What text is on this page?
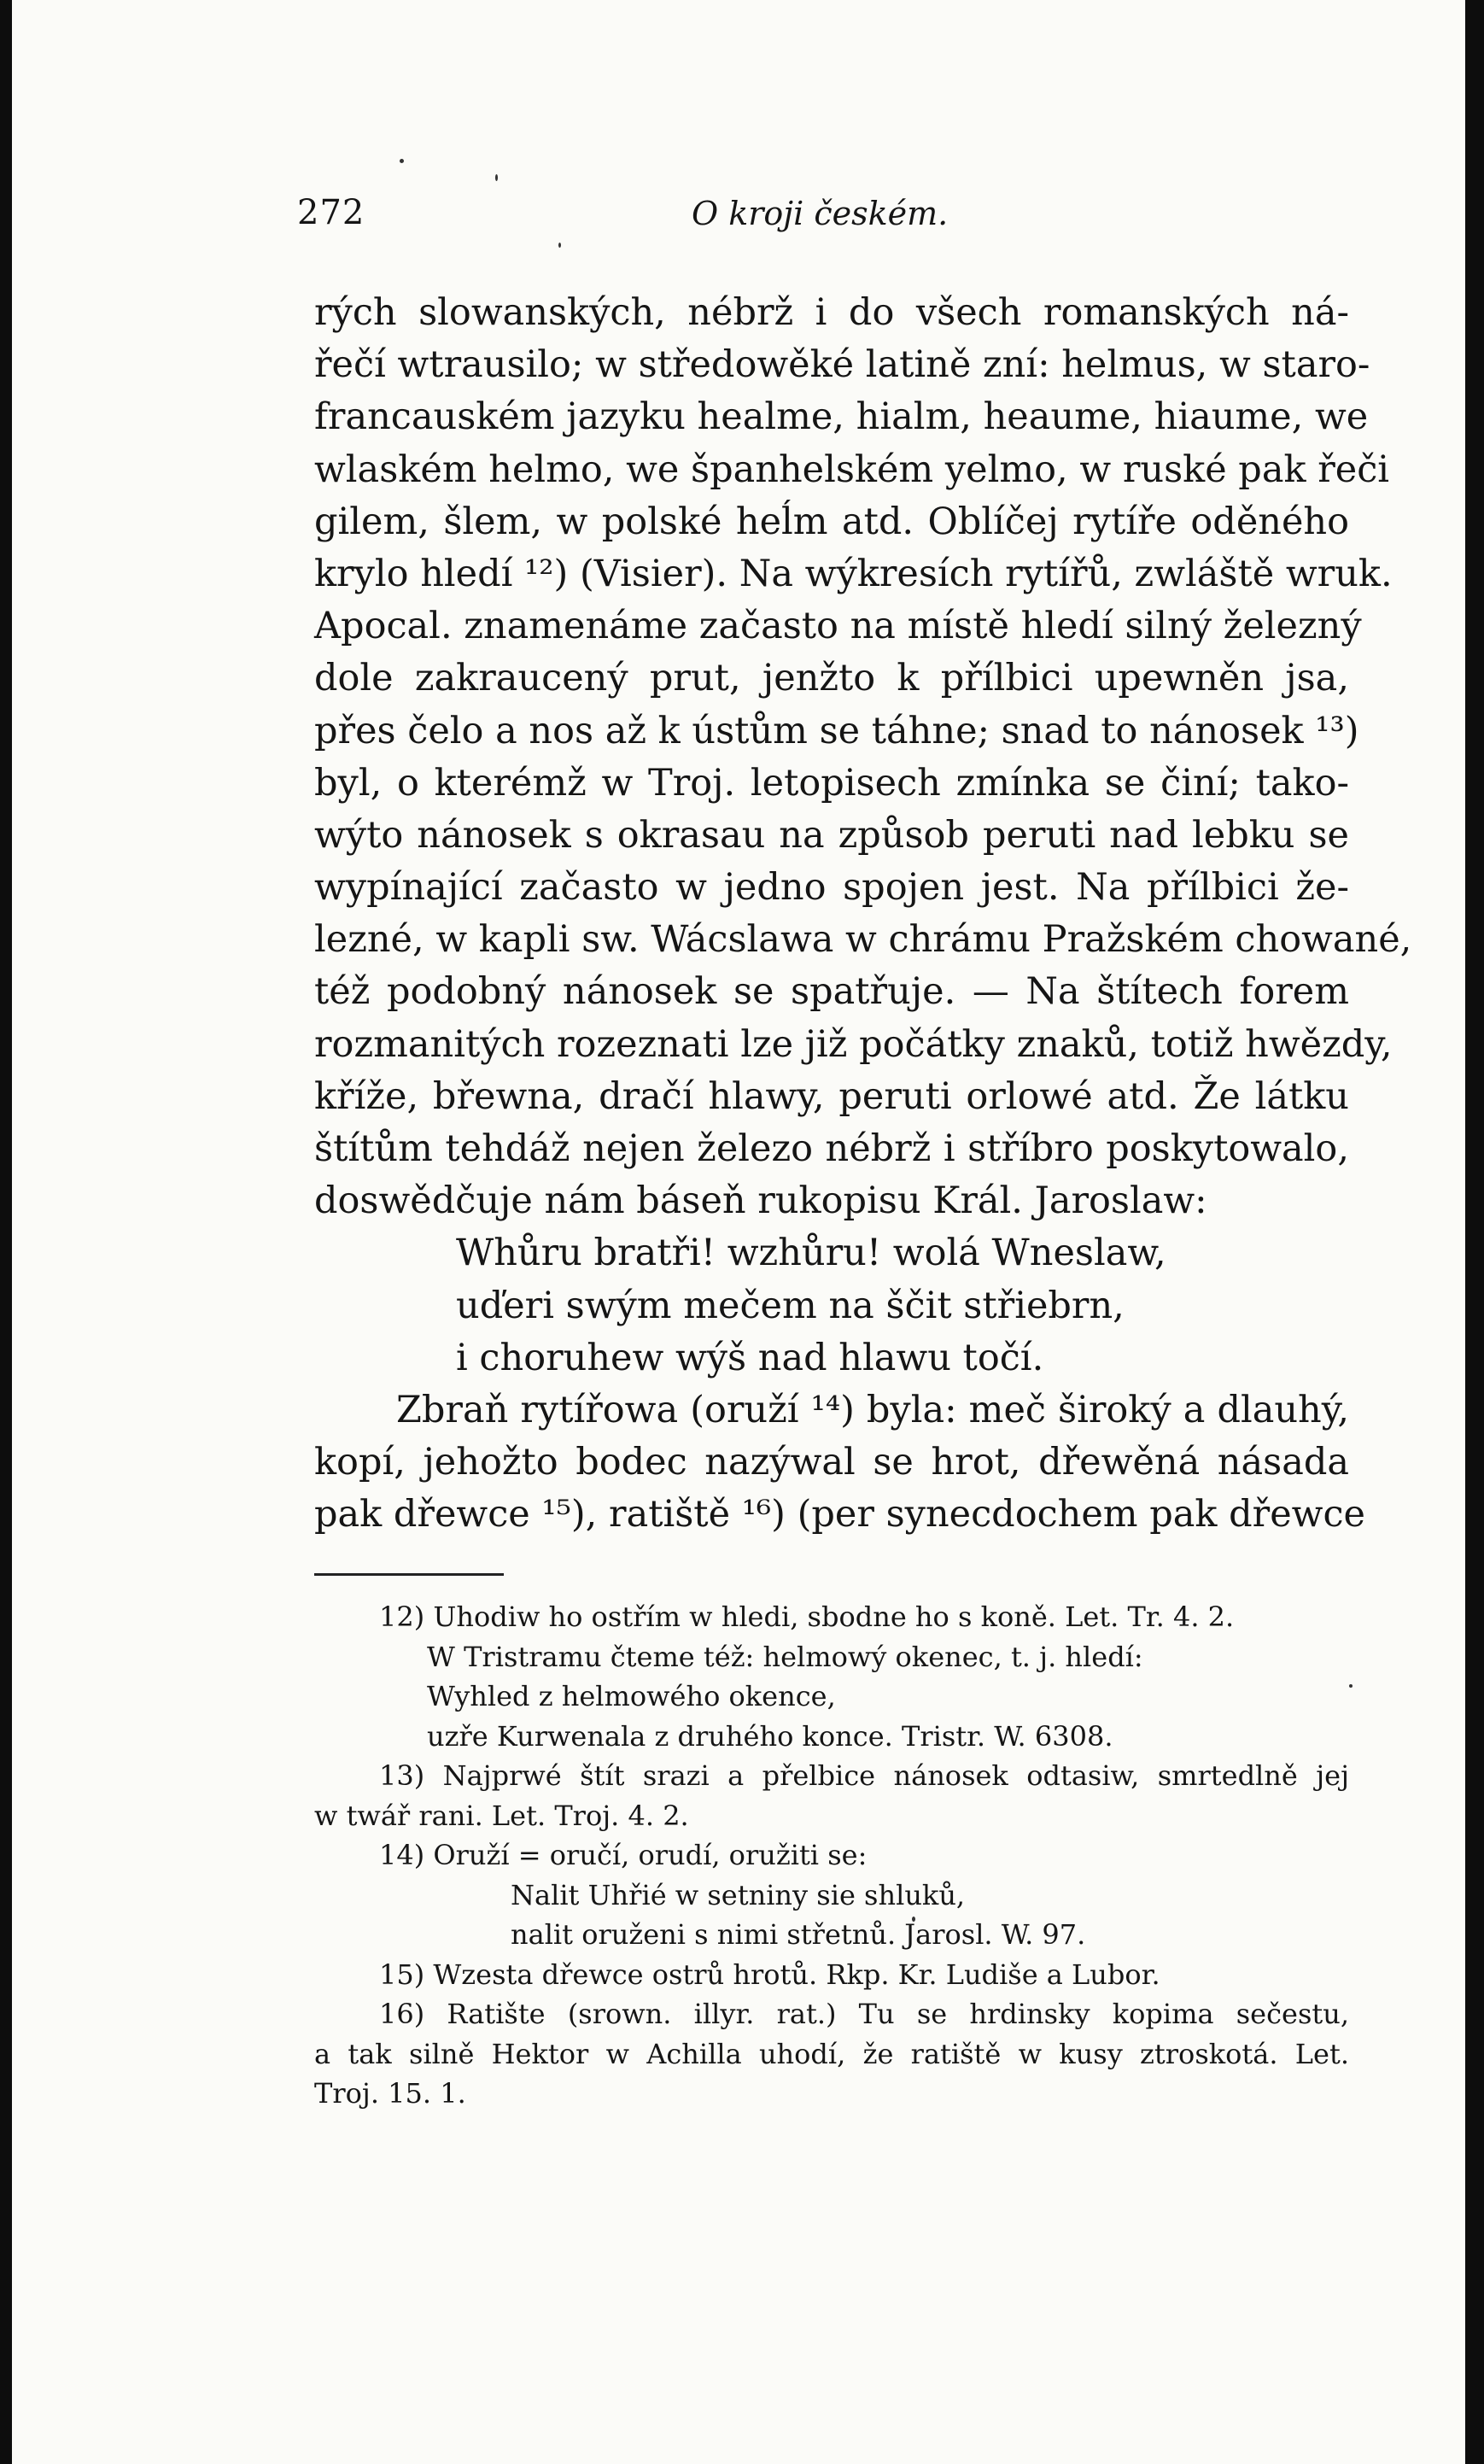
272	O kroji českém.
rých slowanských, nébrž i do všech romanských ná-
řečí wtrausilo; w středowěké latině zní: helmus, w staro-
francauském jazyku healme, hialm, heaume, hiaume, we
wlaském helmo, we španhelském yelmo, w ruské pak řeči
gilem, šlem, w polské heĺm atd. Oblíčej rytíře oděného
krylo hledí ¹²) (Visier). Na wýkresích rytířů, zwláště wruk.
Apocal. znamenáme začasto na místě hledí silný železný
dole zakraucený prut, jenžto k přílbici upewněn jsa,
přes čelo a nos až k ústům se táhne; snad to nánosek ¹³)
byl, o kterémž w Troj. letopisech zmínka se činí; tako-
wýto nánosek s okrasau na způsob peruti nad lebku se
wypínající začasto w jedno spojen jest. Na přílbici že-
lezné, w kapli sw. Wácslawa w chrámu Pražském chowané,
též podobný nánosek se spatřuje. — Na štítech forem
rozmanitých rozeznati lze již počátky znaků, totiž hwězdy,
kříže, břewna, dračí hlawy, peruti orlowé atd. Že látku
štítům tehdáž nejen železo nébrž i stříbro poskytowalo,
doswědčuje nám báseň rukopisu Král. Jaroslaw:
Whůru bratři! wzhůru! wolá Wneslaw,
uďeri swým mečem na ščit střiebrn,
i choruhew wýš nad hlawu točí.
Zbraň rytířowa (oruží ¹⁴) byla: meč široký a dlauhý,
kopí, jehožto bodec nazýwal se hrot, dřewěná násada
pak dřewce ¹⁵), ratiště ¹⁶) (per synecdochem pak dřewce
12) Uhodiw ho ostřím w hledi, sbodne ho s koně. Let. Tr. 4. 2.
W Tristramu čteme též: helmowý okenec, t. j. hledí:
Wyhled z helmowého okence,
uzře Kurwenala z druhého konce. Tristr. W. 6308.
13) Najprwé štít srazi a přelbice nánosek odtasiw, smrtedlně jej
w twář rani. Let. Troj. 4. 2.
14) Oruží = oručí, orudí, oružiti se:
Nalit Uhřié w setniny sie shluků,
nalit oruženi s nimi střetnů. Jarosl. W. 97.
15) Wzesta dřewce ostrů hrotů. Rkp. Kr. Ludiše a Lubor.
16) Ratište (srown. illyr. rat.) Tu se hrdinsky kopima sečestu,
a tak silně Hektor w Achilla uhodí, že ratiště w kusy ztroskotá. Let.
Troj. 15. 1.
